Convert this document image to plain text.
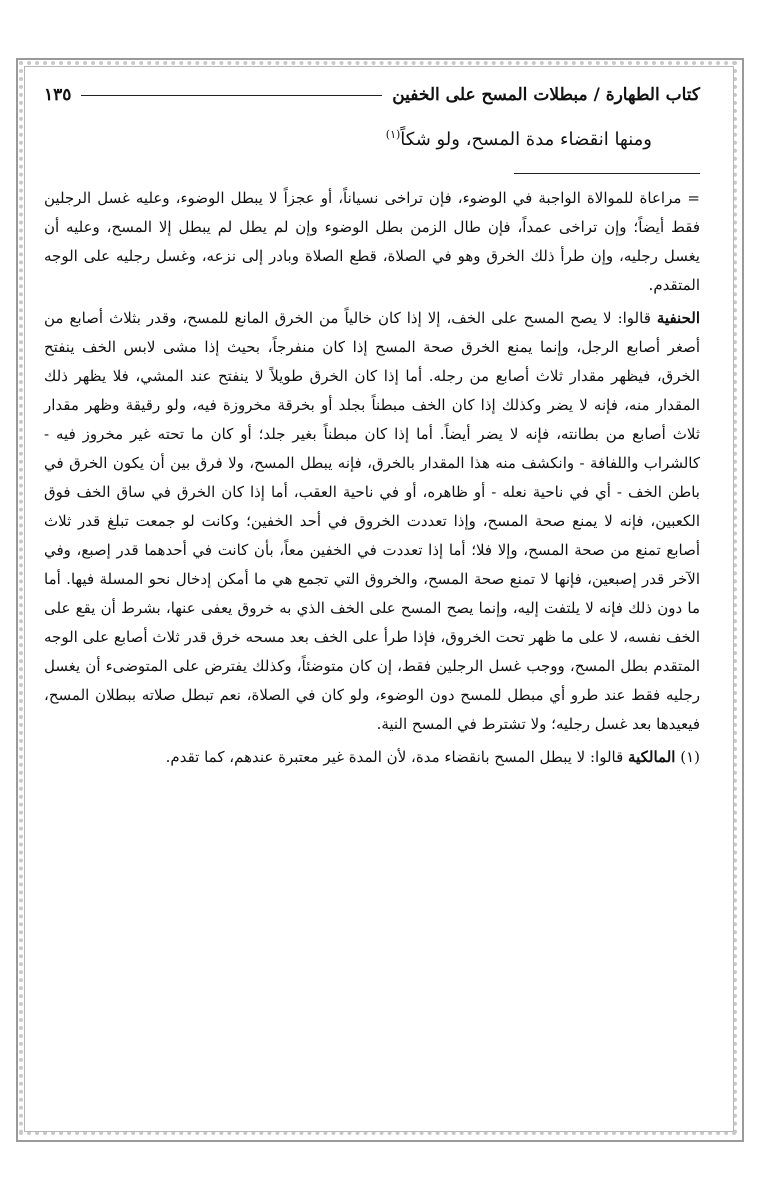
كتاب الطهارة / مبطلات المسح على الخفين
١٣٥
ومنها انقضاء مدة المسح، ولو شكاً$^{(١)}$

= مراعاة للموالاة الواجبة في الوضوء، فإن تراخى نسياناً، أو عجزاً لا يبطل الوضوء، وعليه غسل الرجلين فقط أيضاً؛ وإن تراخى عمداً، فإن طال الزمن بطل الوضوء وإن لم يطل لم يبطل إلا المسح، وعليه أن يغسل رجليه، وإن طرأ ذلك الخرق وهو في الصلاة، قطع الصلاة وبادر إلى نزعه، وغسل رجليه على الوجه المتقدم.

الحنفية قالوا: لا يصح المسح على الخف، إلا إذا كان خالياً من الخرق المانع للمسح، وقدر بثلاث أصابع من أصغر أصابع الرجل، وإنما يمنع الخرق صحة المسح إذا كان منفرجاً، بحيث إذا مشى لابس الخف ينفتح الخرق، فيظهر مقدار ثلاث أصابع من رجله. أما إذا كان الخرق طويلاً لا ينفتح عند المشي، فلا يظهر ذلك المقدار منه، فإنه لا يضر وكذلك إذا كان الخف مبطناً بجلد أو بخرقة مخروزة فيه، ولو رقيقة وظهر مقدار ثلاث أصابع من بطانته، فإنه لا يضر أيضاً. أما إذا كان مبطناً بغير جلد؛ أو كان ما تحته غير مخروز فيه - كالشراب واللفافة - وانكشف منه هذا المقدار بالخرق، فإنه يبطل المسح، ولا فرق بين أن يكون الخرق في باطن الخف - أي في ناحية نعله - أو ظاهره، أو في ناحية العقب، أما إذا كان الخرق في ساق الخف فوق الكعبين، فإنه لا يمنع صحة المسح، وإذا تعددت الخروق في أحد الخفين؛ وكانت لو جمعت تبلغ قدر ثلاث أصابع تمنع من صحة المسح، وإلا فلا؛ أما إذا تعددت في الخفين معاً، بأن كانت في أحدهما قدر إصبع، وفي الآخر قدر إصبعين، فإنها لا تمنع صحة المسح، والخروق التي تجمع هي ما أمكن إدخال نحو المسلة فيها. أما ما دون ذلك فإنه لا يلتفت إليه، وإنما يصح المسح على الخف الذي به خروق يعفى عنها، بشرط أن يقع على الخف نفسه، لا على ما ظهر تحت الخروق، فإذا طرأ على الخف بعد مسحه خرق قدر ثلاث أصابع على الوجه المتقدم بطل المسح، ووجب غسل الرجلين فقط، إن كان متوضئاً، وكذلك يفترض على المتوضىء أن يغسل رجليه فقط عند طرو أي مبطل للمسح دون الوضوء، ولو كان في الصلاة، نعم تبطل صلاته ببطلان المسح، فيعيدها بعد غسل رجليه؛ ولا تشترط في المسح النية.

(١) المالكية قالوا: لا يبطل المسح بانقضاء مدة، لأن المدة غير معتبرة عندهم، كما تقدم.
